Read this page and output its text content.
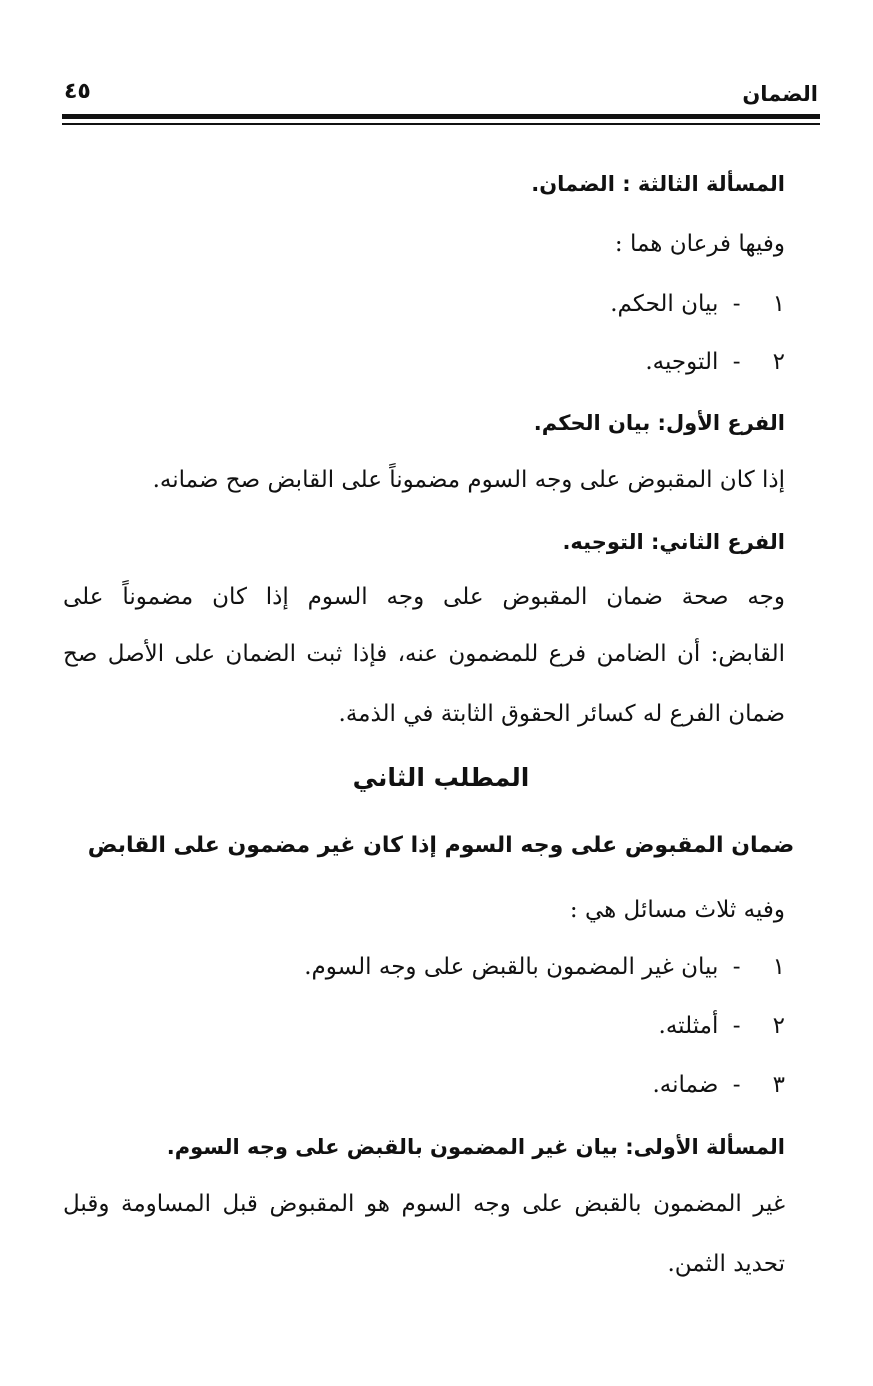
الضمان
٤٥
المسألة الثالثة : الضمان.
وفيها فرعان هما :
١ - بيان الحكم.
٢ - التوجيه.
الفرع الأول: بيان الحكم.
إذا كان المقبوض على وجه السوم مضموناً على القابض صح ضمانه.
الفرع الثاني: التوجيه.
وجه صحة ضمان المقبوض على وجه السوم إذا كان مضموناً على
القابض: أن الضامن فرع للمضمون عنه، فإذا ثبت الضمان على الأصل صح
ضمان الفرع له كسائر الحقوق الثابتة في الذمة.
المطلب الثاني
ضمان المقبوض على وجه السوم إذا كان غير مضمون على القابض
وفيه ثلاث مسائل هي :
١ - بيان غير المضمون بالقبض على وجه السوم.
٢ - أمثلته.
٣ - ضمانه.
المسألة الأولى: بيان غير المضمون بالقبض على وجه السوم.
غير المضمون بالقبض على وجه السوم هو المقبوض قبل المساومة وقبل
تحديد الثمن.
